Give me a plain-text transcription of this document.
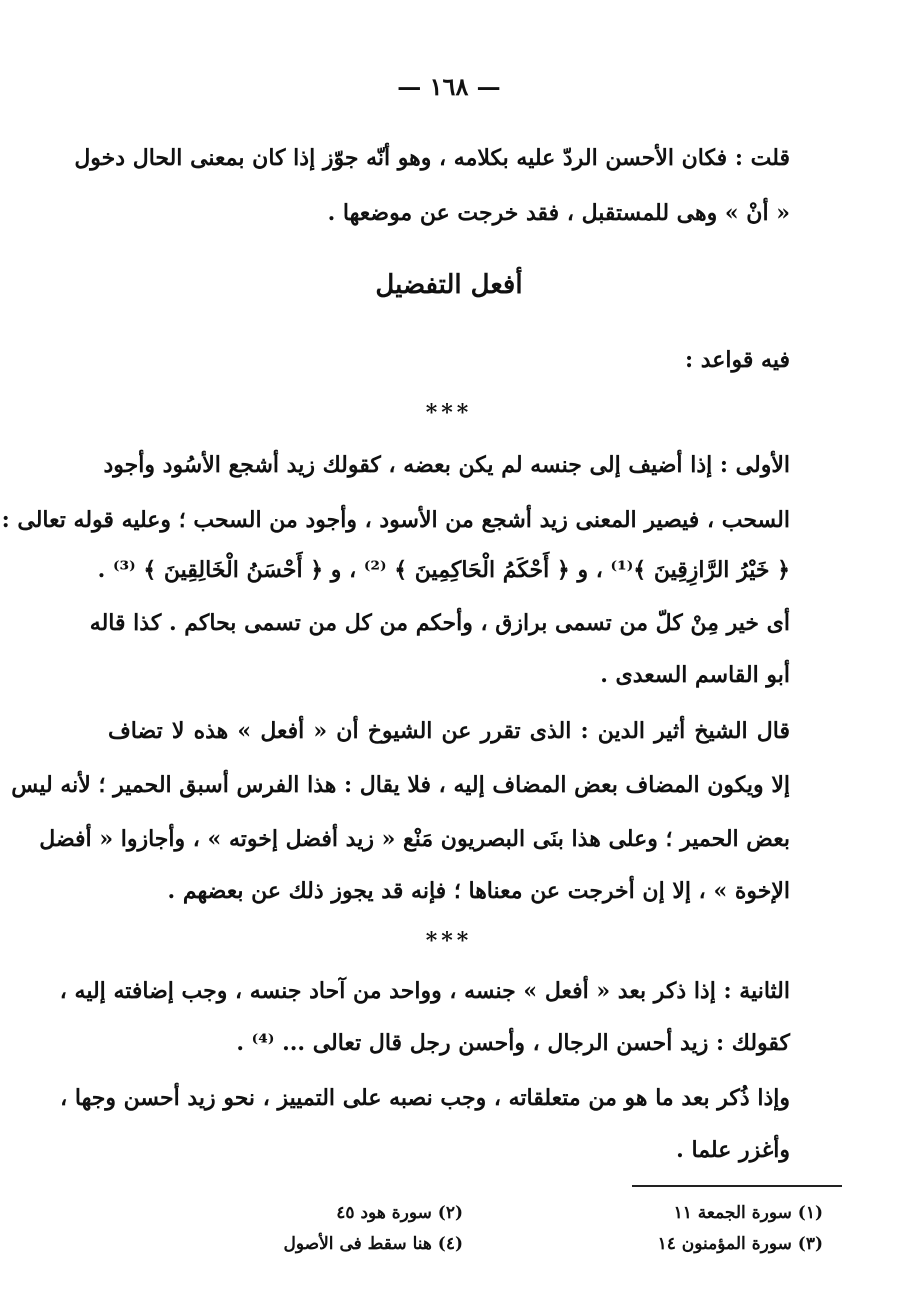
— ١٦٨ —
قلت : فكان الأحسن الردّ عليه بكلامه ، وهو أنّه جوّز إذا كان بمعنى الحال دخول
« أنْ » وهى للمستقبل ، فقد خرجت عن موضعها .
أفعل التفضيل
فيه قواعد :
***
الأولى : إذا أضيف إلى جنسه لم يكن بعضه ، كقولك زيد أشجع الأسُود وأجود
السحب ، فيصير المعنى زيد أشجع من الأسود ، وأجود من السحب ؛ وعليه قوله تعالى :
﴿ خَيْرُ الرَّازِقِينَ ﴾⁽¹⁾ ، و ﴿ أَحْكَمُ الْحَاكِمِينَ ﴾ ⁽²⁾ ، و ﴿ أَحْسَنُ الْخَالِقِينَ ﴾ ⁽³⁾ .
أى خير مِنْ كلّ من تسمى برازق ، وأحكم من كل من تسمى بحاكم . كذا قاله
أبو القاسم السعدى .
قال الشيخ أثير الدين : الذى تقرر عن الشيوخ أن « أفعل » هذه لا تضاف
إلا ويكون المضاف بعض المضاف إليه ، فلا يقال : هذا الفرس أسبق الحمير ؛ لأنه ليس
بعض الحمير ؛ وعلى هذا بنَى البصريون مَنْع « زيد أفضل إخوته » ، وأجازوا « أفضل
الإخوة » ، إلا إن أخرجت عن معناها ؛ فإنه قد يجوز ذلك عن بعضهم .
***
الثانية : إذا ذكر بعد « أفعل » جنسه ، وواحد من آحاد جنسه ، وجب إضافته إليه ،
كقولك : زيد أحسن الرجال ، وأحسن رجل قال تعالى ... ⁽⁴⁾ .
وإذا ذُكر بعد ما هو من متعلقاته ، وجب نصبه على التمييز ، نحو زيد أحسن وجها ،
وأغزر علما .
(١) سورة الجمعة ١١
(٢) سورة هود ٤٥
(٣) سورة المؤمنون ١٤
(٤) هنا سقط فى الأصول
